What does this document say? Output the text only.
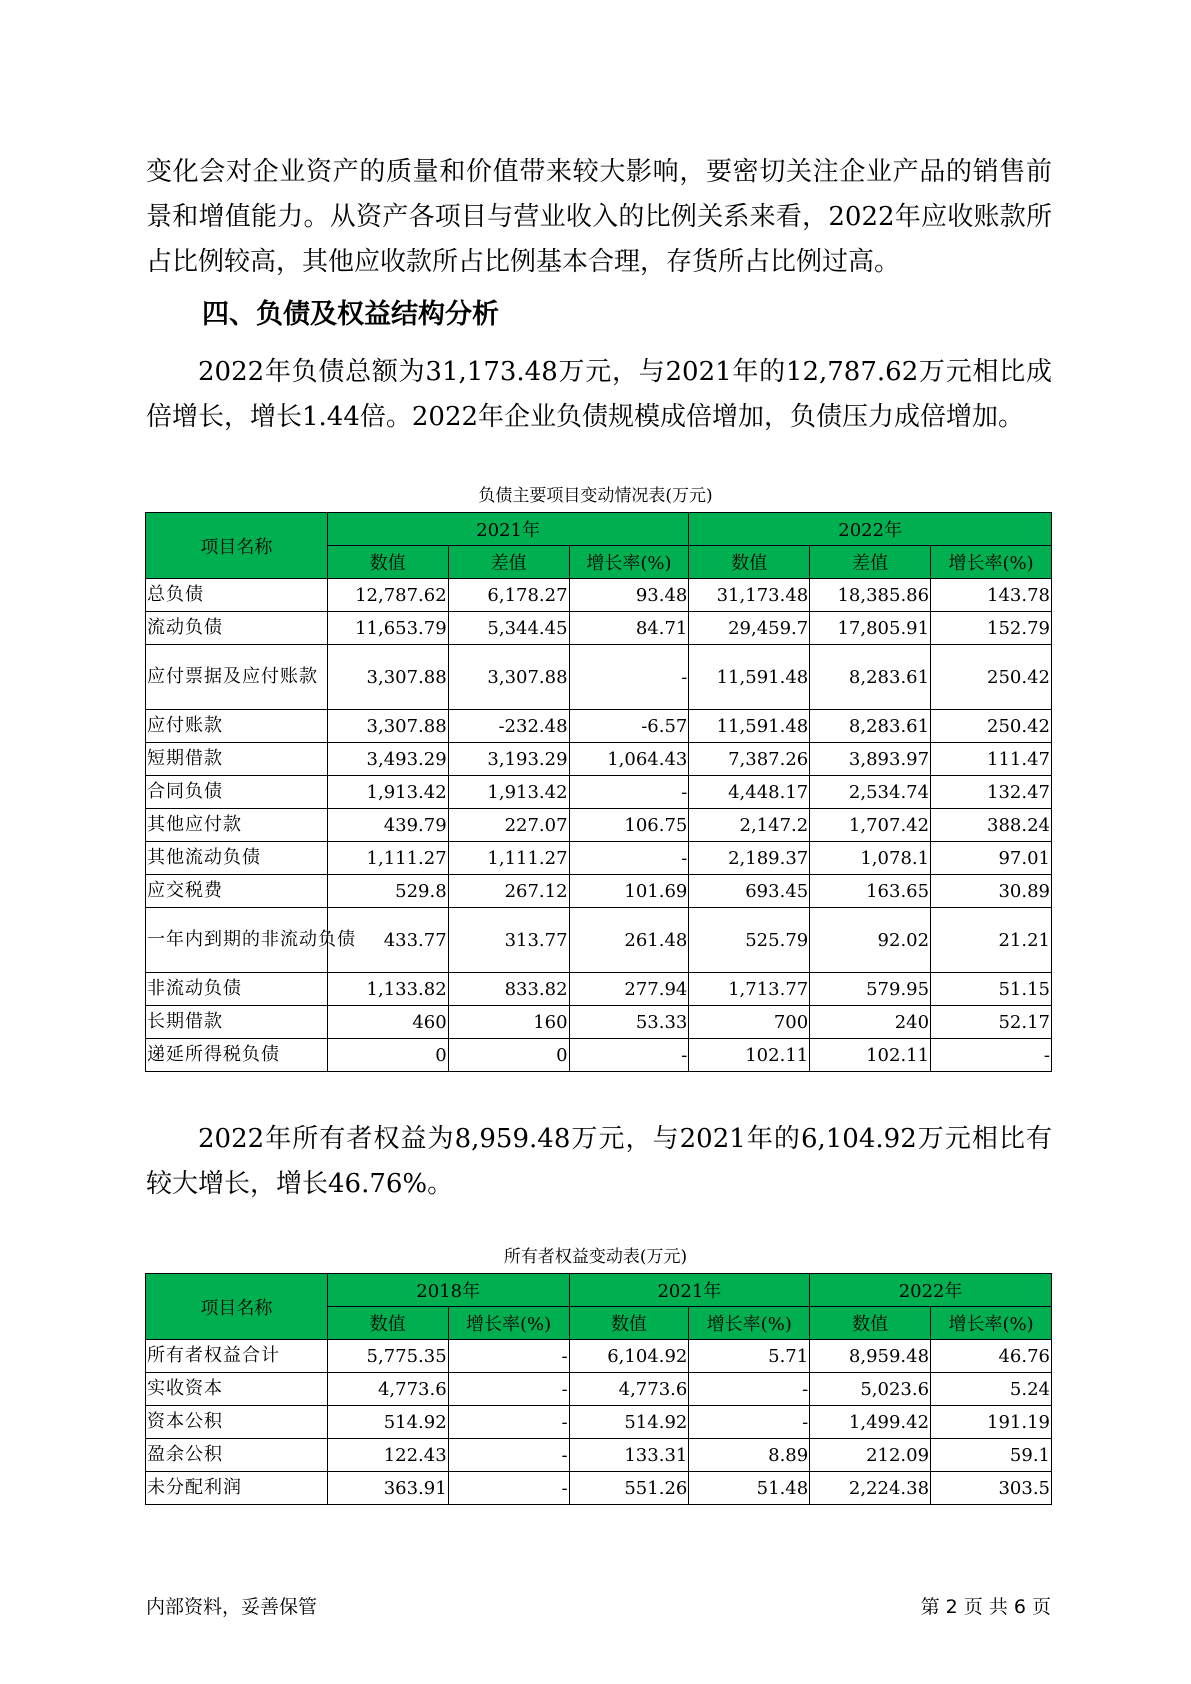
变化会对企业资产的质量和价值带来较大影响，要密切关注企业产品的销售前景和增值能力。从资产各项目与营业收入的比例关系来看，2022年应收账款所占比例较高，其他应收款所占比例基本合理，存货所占比例过高。

四、负债及权益结构分析

2022年负债总额为31,173.48万元，与2021年的12,787.62万元相比成倍增长，增长1.44倍。2022年企业负债规模成倍增加，负债压力成倍增加。

负债主要项目变动情况表(万元)
项目名称	2021年			2022年		
	数值	差值	增长率(%)	数值	差值	增长率(%)
总负债	12,787.62	6,178.27	93.48	31,173.48	18,385.86	143.78
流动负债	11,653.79	5,344.45	84.71	29,459.7	17,805.91	152.79
应付票据及应付账款	3,307.88	3,307.88	-	11,591.48	8,283.61	250.42
应付账款	3,307.88	-232.48	-6.57	11,591.48	8,283.61	250.42
短期借款	3,493.29	3,193.29	1,064.43	7,387.26	3,893.97	111.47
合同负债	1,913.42	1,913.42	-	4,448.17	2,534.74	132.47
其他应付款	439.79	227.07	106.75	2,147.2	1,707.42	388.24
其他流动负债	1,111.27	1,111.27	-	2,189.37	1,078.1	97.01
应交税费	529.8	267.12	101.69	693.45	163.65	30.89
一年内到期的非流动负债	433.77	313.77	261.48	525.79	92.02	21.21
非流动负债	1,133.82	833.82	277.94	1,713.77	579.95	51.15
长期借款	460	160	53.33	700	240	52.17
递延所得税负债	0	0	-	102.11	102.11	-

2022年所有者权益为8,959.48万元，与2021年的6,104.92万元相比有较大增长，增长46.76%。

所有者权益变动表(万元)
项目名称	2018年		2021年		2022年	
	数值	增长率(%)	数值	增长率(%)	数值	增长率(%)
所有者权益合计	5,775.35	-	6,104.92	5.71	8,959.48	46.76
实收资本	4,773.6	-	4,773.6	-	5,023.6	5.24
资本公积	514.92	-	514.92	-	1,499.42	191.19
盈余公积	122.43	-	133.31	8.89	212.09	59.1
未分配利润	363.91	-	551.26	51.48	2,224.38	303.5
内部资料，妥善保管	第 2 页 共 6 页
